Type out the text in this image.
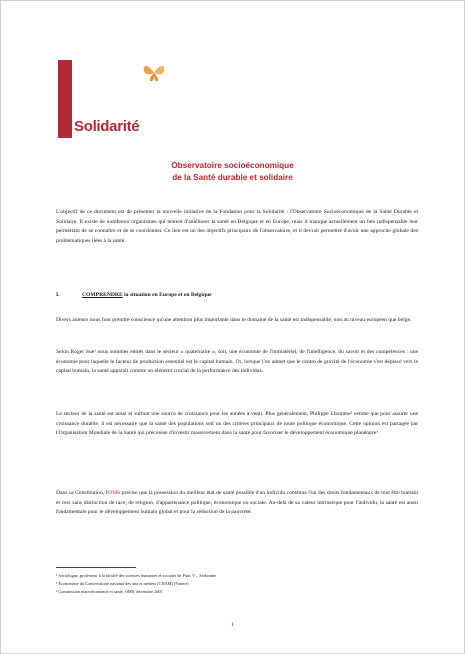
Le dossier de la Solidarité
Observatoire socioéconomique
de la Santé durable et solidaire

L'objectif de ce document est de présenter la nouvelle initiative de la Fondation pour la Solidarité : l'Observatoire Socioéconomique de la Santé Durable et Solidaire. Il existe de nombreux organismes qui tentent d'améliorer la santé en Belgique et en Europe, mais il manque actuellement un lien indispensable leur permettant de se connaître et de se coordonner. Ce lien est un des objectifs principaux de l'observatoire, et il devrait permettre d'avoir une approche globale des problématiques liées à la santé.

I.	COMPRENDRE la situation en Europe et en Belgique

Divers auteurs nous font prendre conscience qu'une attention plus importante dans le domaine de la santé est indispensable, non au niveau européen que belge.

Selon Roger Sue¹ nous sommes entrés dans le secteur « quaternaire », soit, une économie de l'immatériel, de l'intelligence, du savoir et des compétences : une économie pour laquelle le facteur de production essentiel est le capital humain. Or, lorsque l'on admet que le centre de gravité de l'économie s'est déplacé vers le capital humain, la santé apparaît comme un élément crucial de la performance des individus.

Le secteur de la santé est aussi et surtout une source de croissance pour les années à venir. Plus généralement, Philippe Lhomme² estime que pour assurer une croissance durable, il est nécessaire que la santé des populations soit un des critères principaux de toute politique économique. Cette opinion est partagée par l'Organisation Mondiale de la Santé qui préconise d'investir massivement dans la santé pour favoriser le développement économique planétaire³.

Dans sa Constitution, l'OMS précise que la possession du meilleur état de santé possible d'un individu constitue l'un des droits fondamentaux de tout être humain et ceci sans distinction de race, de religion, d'appartenance politique, économique ou sociale. Au-delà de sa valeur intrinsèque pour l'individu, la santé est aussi fondamentale pour le développement humain global et pour la réduction de la pauvreté.

¹ Sociologue, professeur à la faculté des sciences humaines et sociales de Paris V – Sorbonne

² Économiste du Conservatoire national des arts et métiers (CNAM) (France)

³ Commission macroéconomie et santé, OMS, décembre 2001

1
